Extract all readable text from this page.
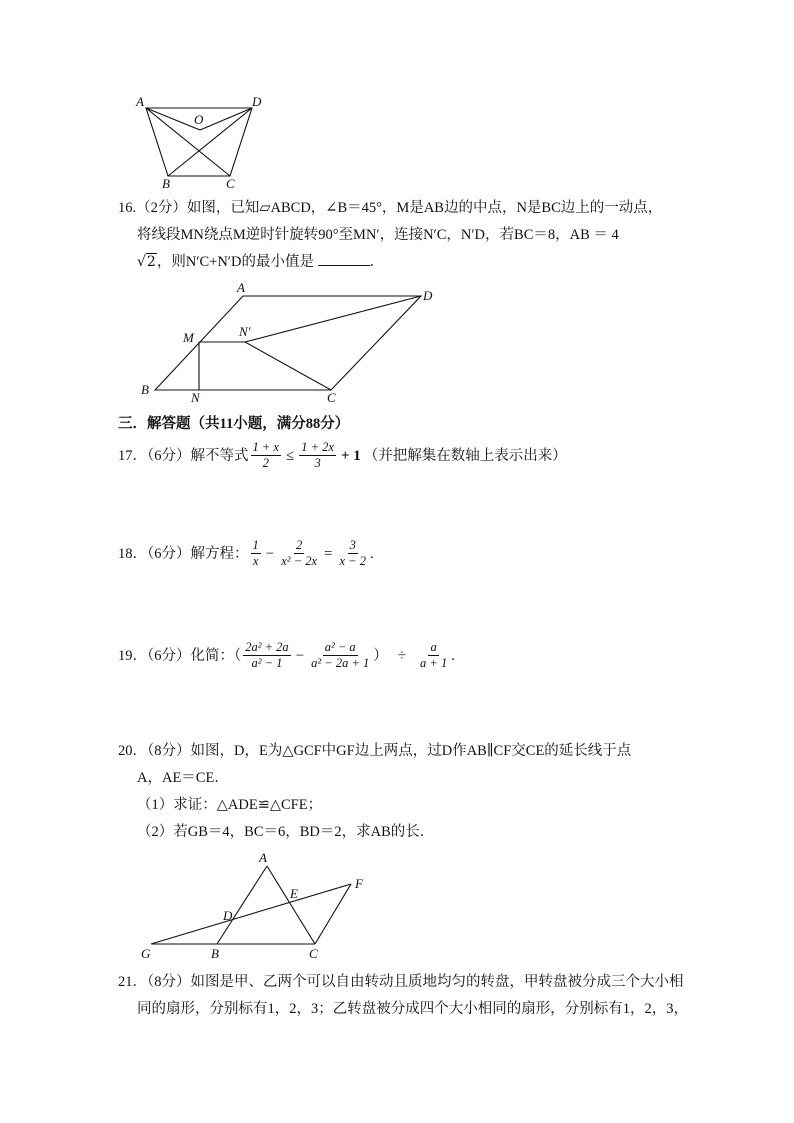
A	D
O
B	C
16.（2分）如图，已知▱ABCD，∠B＝45°，M是AB边的中点，N是BC边上的一动点，
将线段MN绕点M逆时针旋转90°至MN′，连接N′C，N′D，若BC＝8，AB ＝ 4
√2，则N′C+N′D的最小值是	．
A
D
M	N′
B
N	C
三．解答题（共11小题，满分88分）
17．（6分）解不等式 $\frac{1 + x}{2} \le \frac{1 + 2x}{3} + 1$ （并把解集在数轴上表示出来）
18．（6分）解方程： $\frac{1}{x} - \frac{2}{\text{x² − 2x}} = \frac{3}{x - 2}$ .
19．（6分）化简：（ $\frac{\text{2a² + 2a}}{\text{a² − 1}} - \frac{\text{a² − a}}{\text{a² − 2a + 1}}$ ） ÷ $\frac{a}{a + 1}$ .
20．（8分）如图，D，E为△GCF中GF边上两点，过D作AB∥CF交CE的延长线于点
A，AE＝CE．
（1）求证：△ADE≌△CFE；
（2）若GB＝4，BC＝6，BD＝2，求AB的长．
A
E
F
D
G	B	C
21．（8分）如图是甲、乙两个可以自由转动且质地均匀的转盘，甲转盘被分成三个大小相
同的扇形，分别标有1，2，3；乙转盘被分成四个大小相同的扇形，分别标有1，2，3，
